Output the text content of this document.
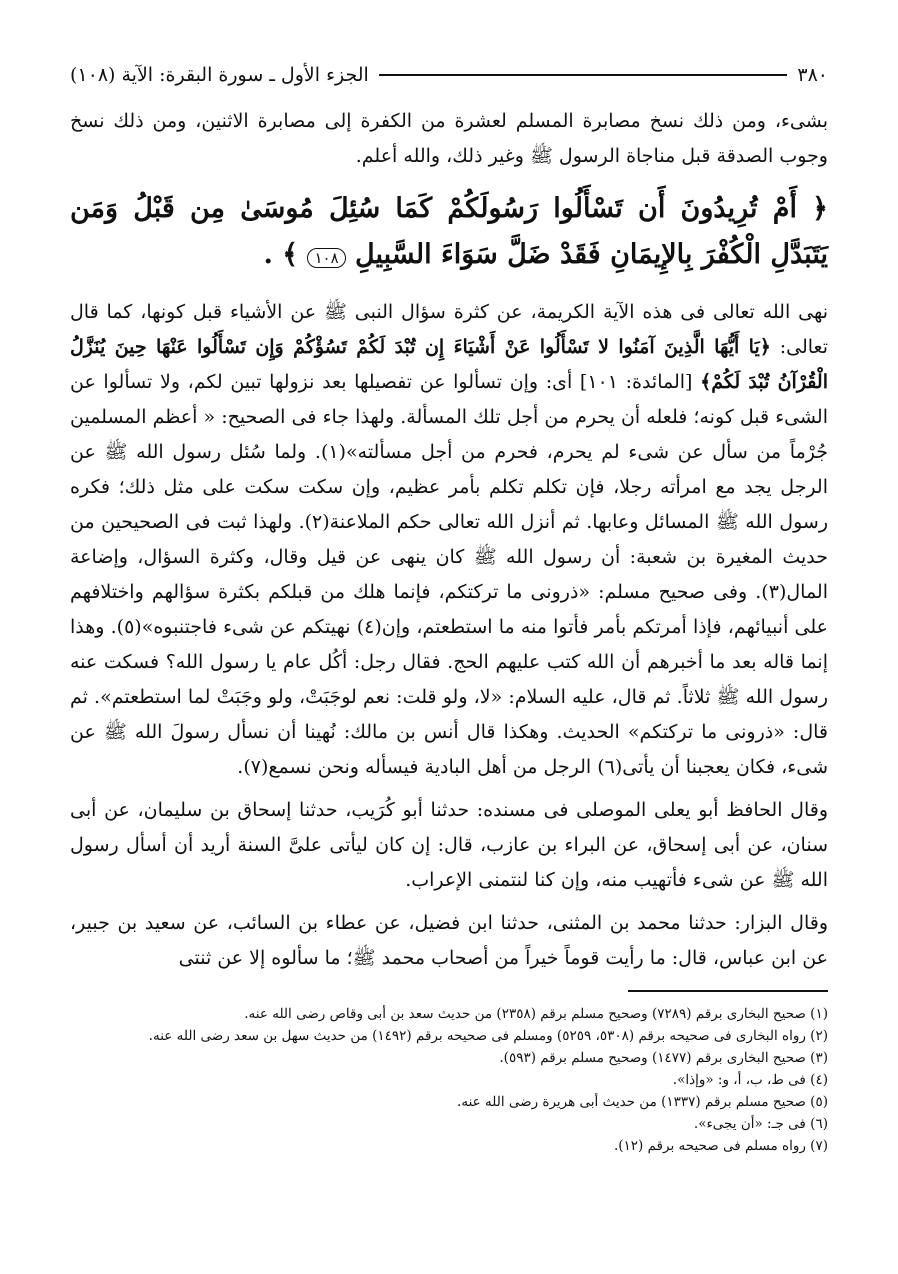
٣٨٠
الجزء الأول ـ سورة البقرة: الآية (١٠٨)

بشىء، ومن ذلك نسخ مصابرة المسلم لعشرة من الكفرة إلى مصابرة الاثنين، ومن ذلك نسخ وجوب الصدقة قبل مناجاة الرسول ﷺ وغير ذلك، والله أعلم.

﴿ أَمْ تُرِيدُونَ أَن تَسْأَلُوا رَسُولَكُمْ كَمَا سُئِلَ مُوسَىٰ مِن قَبْلُ وَمَن يَتَبَدَّلِ الْكُفْرَ بِالإِيمَانِ فَقَدْ ضَلَّ سَوَاءَ السَّبِيلِ ١٠٨ ﴾ .

نهى الله تعالى فى هذه الآية الكريمة، عن كثرة سؤال النبى ﷺ عن الأشياء قبل كونها، كما قال تعالى: ﴿يَا أَيُّهَا الَّذِينَ آمَنُوا لا تَسْأَلُوا عَنْ أَشْيَاءَ إِن تُبْدَ لَكُمْ تَسُؤْكُمْ وَإِن تَسْأَلُوا عَنْهَا حِينَ يُنَزَّلُ الْقُرْآنُ تُبْدَ لَكُمْ﴾ [المائدة: ١٠١] أى: وإن تسألوا عن تفصيلها بعد نزولها تبين لكم، ولا تسألوا عن الشىء قبل كونه؛ فلعله أن يحرم من أجل تلك المسألة. ولهذا جاء فى الصحيح: « أعظم المسلمين جُرْماً من سأل عن شىء لم يحرم، فحرم من أجل مسألته»(١). ولما سُئل رسول الله ﷺ عن الرجل يجد مع امرأته رجلا، فإن تكلم تكلم بأمر عظيم، وإن سكت سكت على مثل ذلك؛ فكره رسول الله ﷺ المسائل وعابها. ثم أنزل الله تعالى حكم الملاعنة(٢). ولهذا ثبت فى الصحيحين من حديث المغيرة بن شعبة: أن رسول الله ﷺ كان ينهى عن قيل وقال، وكثرة السؤال، وإضاعة المال(٣). وفى صحيح مسلم: «ذرونى ما تركتكم، فإنما هلك من قبلكم بكثرة سؤالهم واختلافهم على أنبيائهم، فإذا أمرتكم بأمر فأتوا منه ما استطعتم، وإن(٤) نهيتكم عن شىء فاجتنبوه»(٥). وهذا إنما قاله بعد ما أخبرهم أن الله كتب عليهم الحج. فقال رجل: أكُل عام يا رسول الله؟ فسكت عنه رسول الله ﷺ ثلاثاً. ثم قال، عليه السلام: «لا، ولو قلت: نعم لوجَبَتْ، ولو وجَبَتْ لما استطعتم». ثم قال: «ذرونى ما تركتكم» الحديث. وهكذا قال أنس بن مالك: نُهينا أن نسأل رسولَ الله ﷺ عن شىء، فكان يعجبنا أن يأتى(٦) الرجل من أهل البادية فيسأله ونحن نسمع(٧).

وقال الحافظ أبو يعلى الموصلى فى مسنده: حدثنا أبو كُرَيب، حدثنا إسحاق بن سليمان، عن أبى سنان، عن أبى إسحاق، عن البراء بن عازب، قال: إن كان ليأتى علىَّ السنة أريد أن أسأل رسول الله ﷺ عن شىء فأتهيب منه، وإن كنا لنتمنى الإعراب.

وقال البزار: حدثنا محمد بن المثنى، حدثنا ابن فضيل، عن عطاء بن السائب، عن سعيد بن جبير، عن ابن عباس، قال: ما رأيت قوماً خيراً من أصحاب محمد ﷺ؛ ما سألوه إلا عن ثنتى

(١) صحيح البخارى برقم (٧٢٨٩) وصحيح مسلم برقم (٢٣٥٨) من حديث سعد بن أبى وقاص رضى الله عنه.
(٢) رواه البخارى فى صحيحه برقم (٥٣٠٨، ٥٢٥٩) ومسلم فى صحيحه برقم (١٤٩٢) من حديث سهل بن سعد رضى الله عنه.
(٣) صحيح البخارى برقم (١٤٧٧) وصحيح مسلم برقم (٥٩٣).
(٤) فى ط، ب، أ، و: «وإذا».
(٥) صحيح مسلم برقم (١٣٣٧) من حديث أبى هريرة رضى الله عنه.
(٦) فى جـ: «أن يجىء».
(٧) رواه مسلم فى صحيحه برقم (١٢).
